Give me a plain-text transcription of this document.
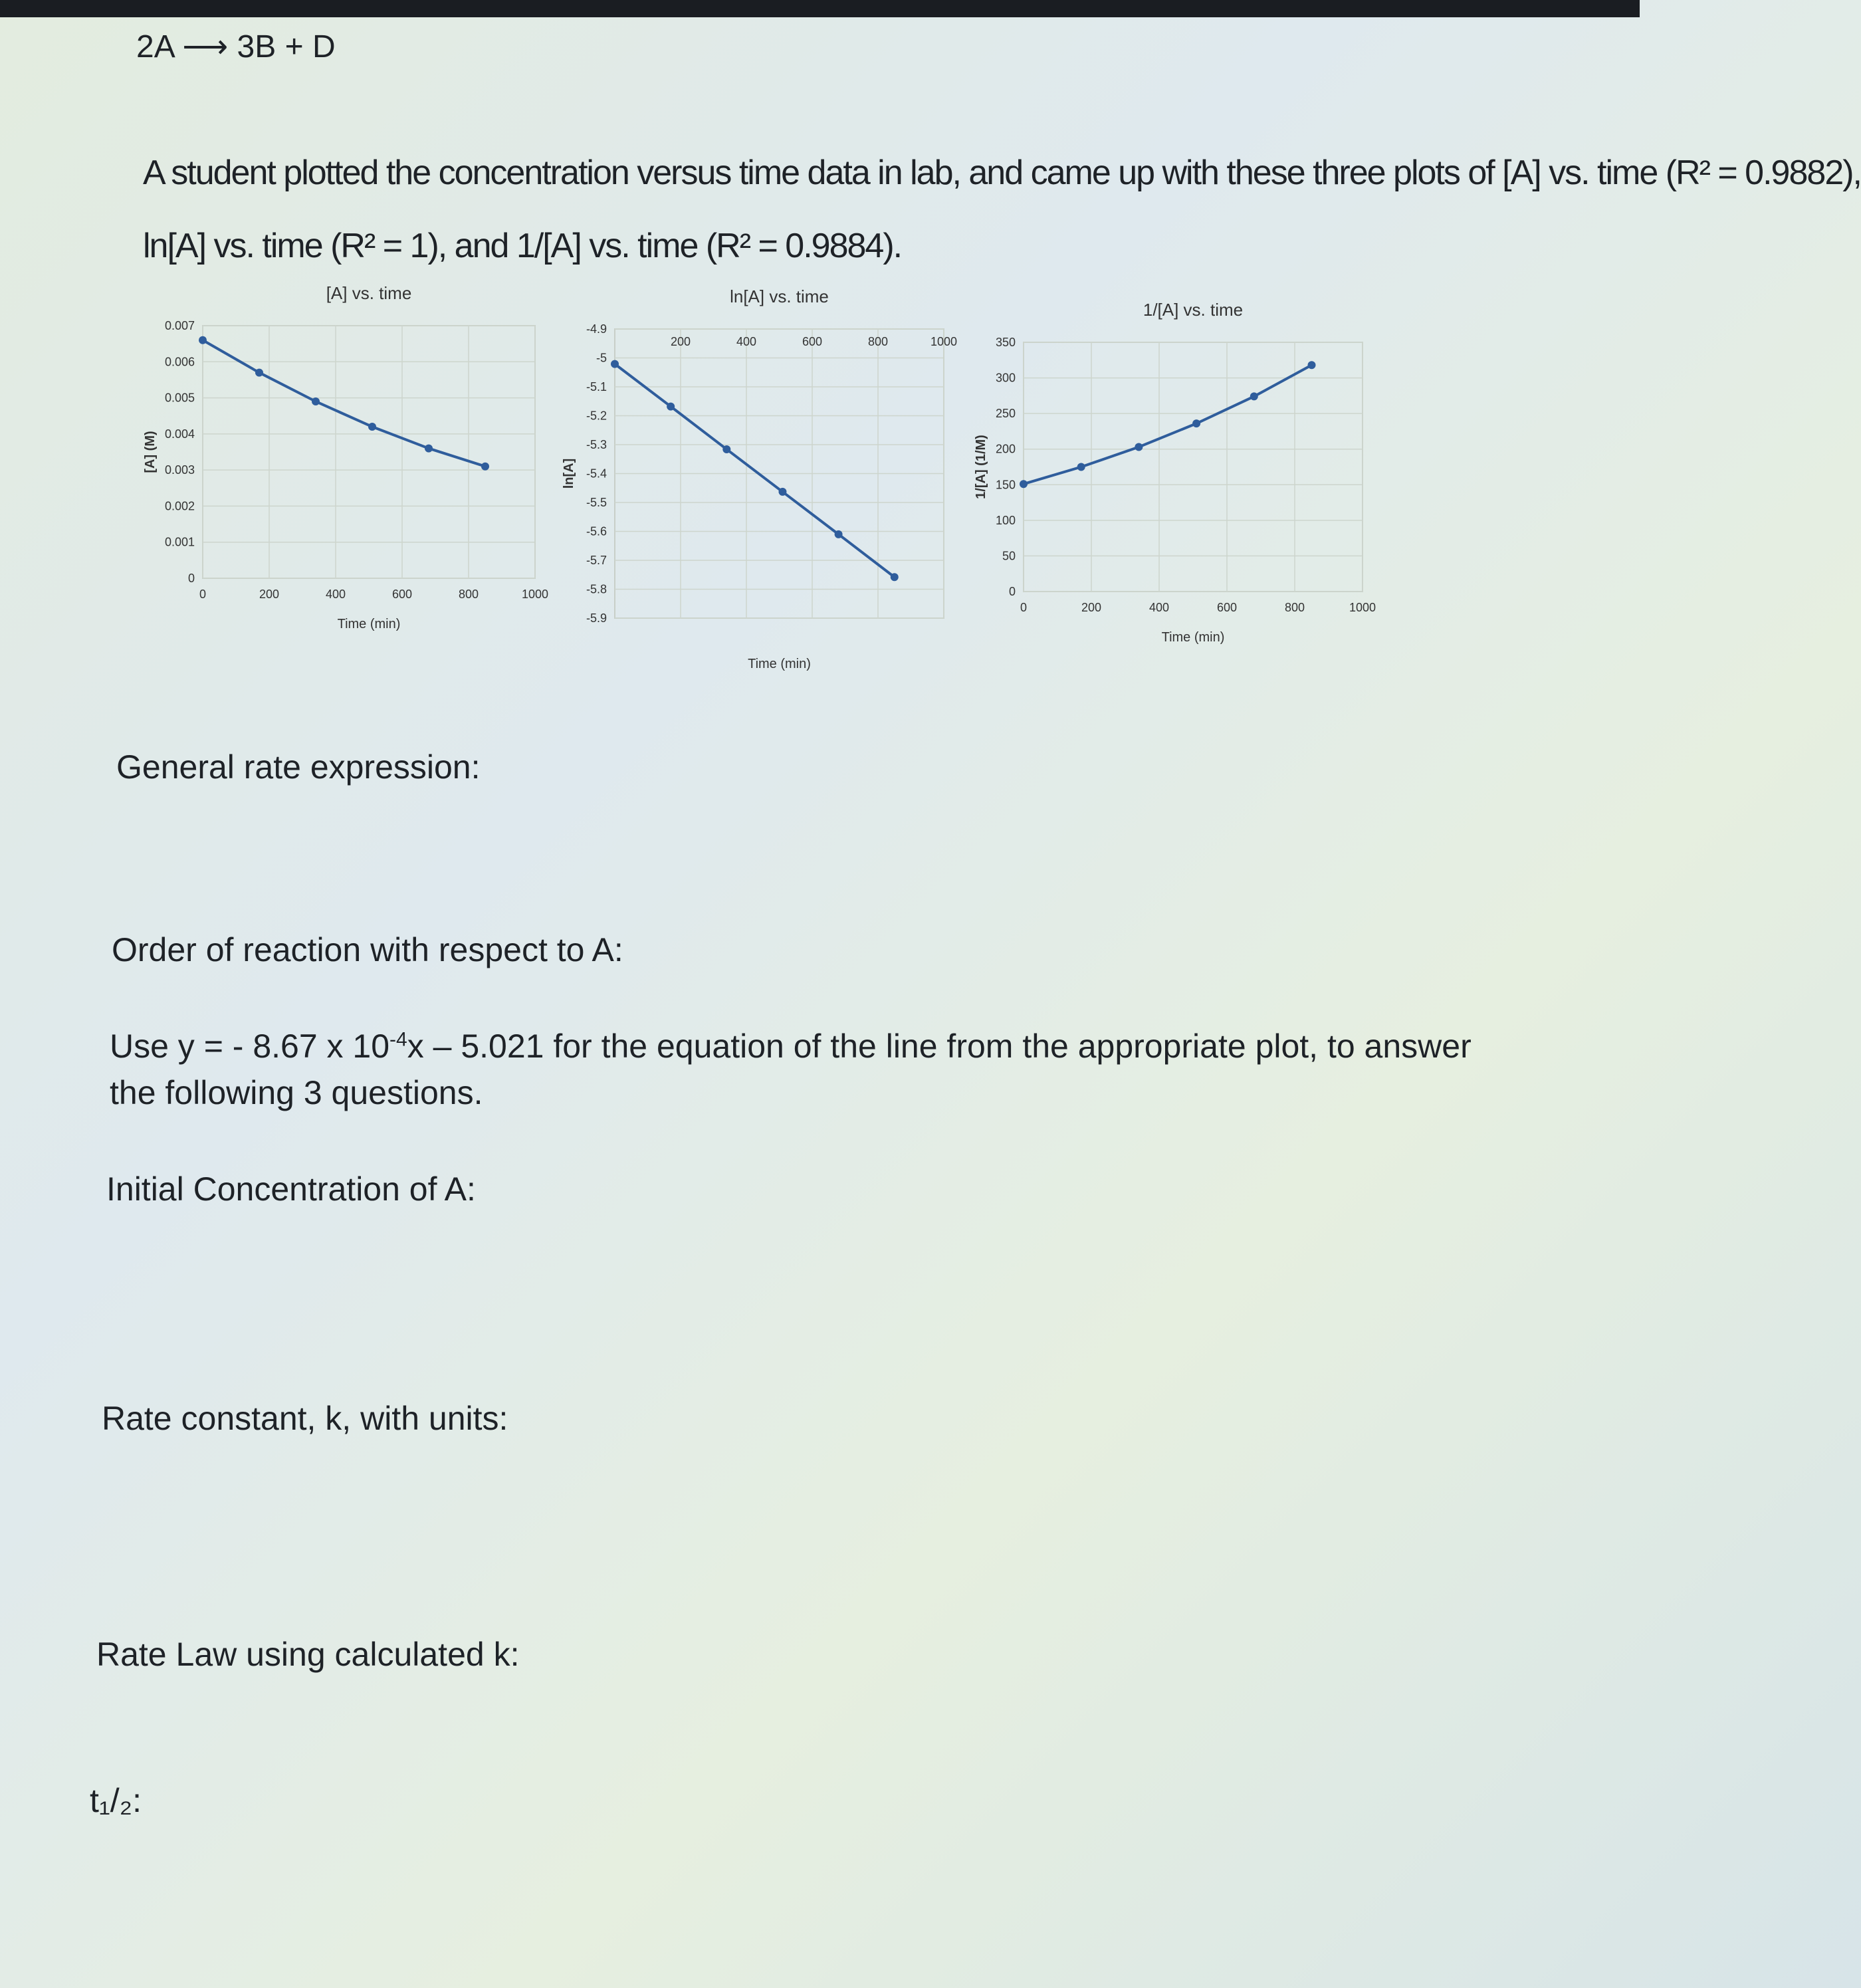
2A ⟶ 3B + D
A student plotted the concentration versus time data in lab, and came up with these three plots of [A] vs. time (R² = 0.9882),
ln[A] vs. time (R² = 1), and 1/[A] vs. time (R² = 0.9884).
[A] vs. time
0	200	400	600	800	1000
0
0.001
0.002
0.003
0.004
0.005
0.006
0.007
Time (min)
[A] (M)
ln[A] vs. time
200	400	600	800	1000
-4.9
-5
-5.1
-5.2
-5.3
-5.4
-5.5
-5.6
-5.7
-5.8
-5.9
Time (min)
ln[A]
1/[A] vs. time
0	200	400	600	800	1000
0
50
100
150
200
250
300
350
Time (min)
1/[A] (1/M)
General rate expression:
Order of reaction with respect to A:
Use y = - 8.67 x $10^{-4}x - 5.021$ for the equation of the line from the appropriate plot, to answer
the following 3 questions.
Initial Concentration of A:
Rate constant, k, with units:
Rate Law using calculated k:
t₁/₂:
